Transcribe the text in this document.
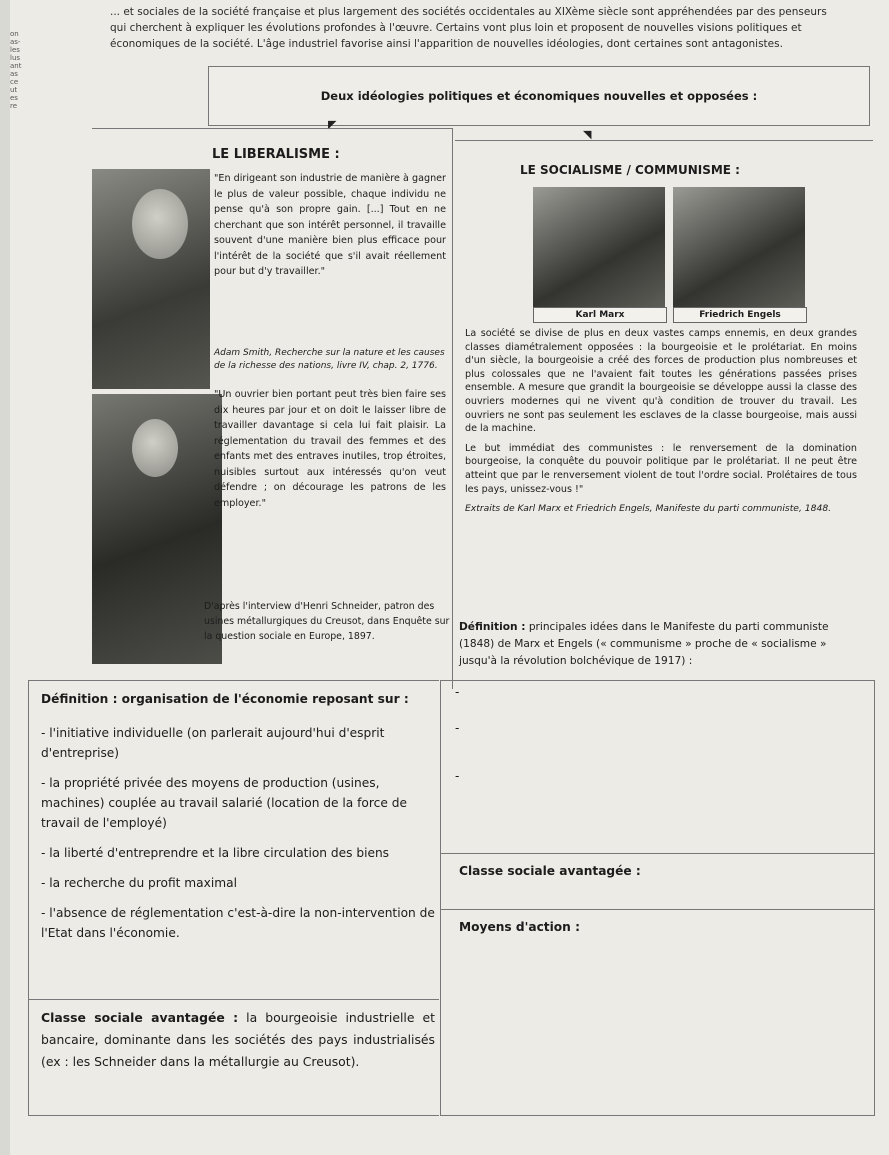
on
as-
les
lus
ant
as
ce
ut
es
re
... et sociales de la société française et plus largement des sociétés occidentales au XIXème siècle sont appréhendées par des penseurs qui cherchent à expliquer les évolutions profondes à l'œuvre. Certains vont plus loin et proposent de nouvelles visions politiques et économiques de la société. L'âge industriel favorise ainsi l'apparition de nouvelles idéologies, dont certaines sont antagonistes.
Deux idéologies politiques et économiques nouvelles et opposées :
◤
◥
LE LIBERALISME :
"En dirigeant son industrie de manière à gagner le plus de valeur possible, chaque individu ne pense qu'à son propre gain. [...] Tout en ne cherchant que son intérêt personnel, il travaille souvent d'une manière bien plus efficace pour l'intérêt de la société que s'il avait réellement pour but d'y travailler."
Adam Smith, Recherche sur la nature et les causes de la richesse des nations, livre IV, chap. 2, 1776.
"Un ouvrier bien portant peut très bien faire ses dix heures par jour et on doit le laisser libre de travailler davantage si cela lui fait plaisir. La réglementation du travail des femmes et des enfants met des entraves inutiles, trop étroites, nuisibles surtout aux intéressés qu'on veut défendre ; on décourage les patrons de les employer."
D'après l'interview d'Henri Schneider, patron des usines métallurgiques du Creusot, dans Enquête sur la question sociale en Europe, 1897.
LE SOCIALISME / COMMUNISME :
Karl Marx	Friedrich Engels

La société se divise de plus en deux vastes camps ennemis, en deux grandes classes diamétralement opposées : la bourgeoisie et le prolétariat. En moins d'un siècle, la bourgeoisie a créé des forces de production plus nombreuses et plus colossales que ne l'avaient fait toutes les générations passées prises ensemble. A mesure que grandit la bourgeoisie se développe aussi la classe des ouvriers modernes qui ne vivent qu'à condition de trouver du travail. Les ouvriers ne sont pas seulement les esclaves de la classe bourgeoise, mais aussi de la machine.

Le but immédiat des communistes : le renversement de la domination bourgeoise, la conquête du pouvoir politique par le prolétariat. Il ne peut être atteint que par le renversement violent de tout l'ordre social. Prolétaires de tous les pays, unissez-vous !"

Extraits de Karl Marx et Friedrich Engels, Manifeste du parti communiste, 1848.

Définition : principales idées dans le Manifeste du parti communiste (1848) de Marx et Engels (« communisme » proche de « socialisme » jusqu'à la révolution bolchévique de 1917) :

Définition : organisation de l'économie reposant sur :

- l'initiative individuelle (on parlerait aujourd'hui d'esprit d'entreprise)

- la propriété privée des moyens de production (usines, machines) couplée au travail salarié (location de la force de travail de l'employé)

- la liberté d'entreprendre et la libre circulation des biens

- la recherche du profit maximal

- l'absence de réglementation c'est-à-dire la non-intervention de l'Etat dans l'économie.

Classe sociale avantagée : la bourgeoisie industrielle et bancaire, dominante dans les sociétés des pays industrialisés (ex : les Schneider dans la métallurgie au Creusot).
-
-
-
Classe sociale avantagée :
Moyens d'action :
